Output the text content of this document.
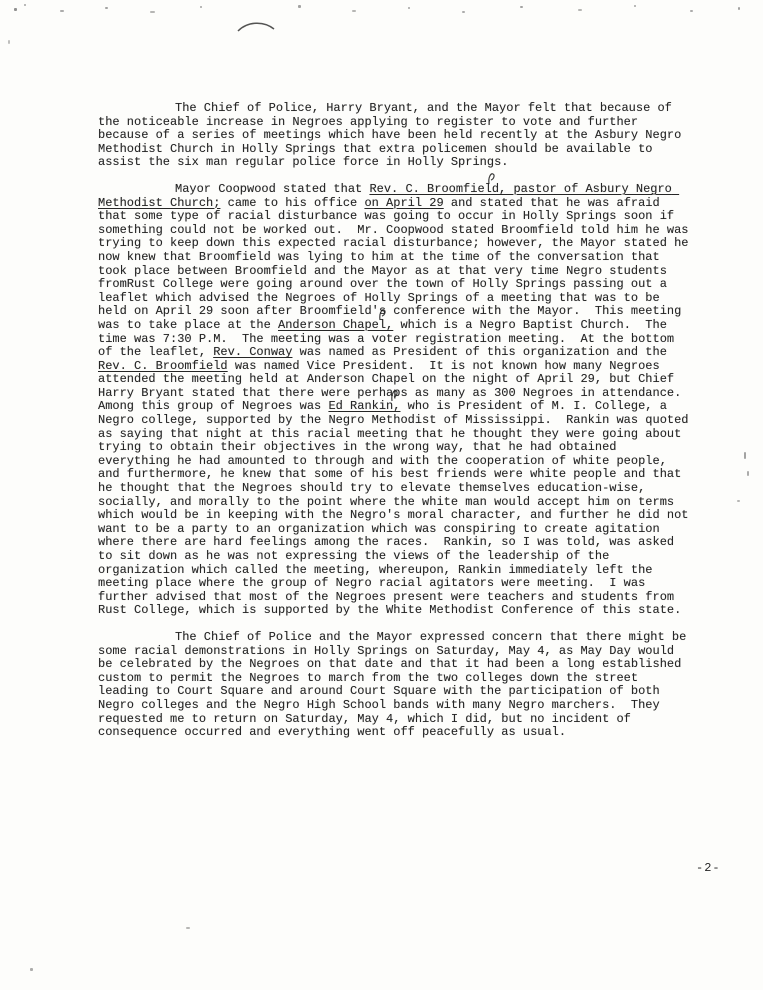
The Chief of Police, Harry Bryant, and the Mayor felt that because of the noticeable increase in Negroes applying to register to vote and further because of a series of meetings which have been held recently at the Asbury Negro Methodist Church in Holly Springs that extra policemen should be available to assist the six man regular police force in Holly Springs.

Mayor Coopwood stated that Rev. C. Broomfield, pastor of Asbury Negro Methodist Church;
came to his office on April 29 and stated that he was afraid that some type of racial disturbance was going to occur in Holly Springs soon if something could not be worked out.  Mr. Coopwood stated Broomfield told him he was trying to keep down this expected racial disturbance; however, the Mayor stated he now knew that Broomfield was lying to him at the time of the conversation that took place between Broomfield and the Mayor as at that very time Negro students fromRust College were going around over the town of Holly Springs passing out a leaflet which advised the Negroes of Holly Springs of a meeting that was to be held on April 29 soon after Broomfield's conference with the Mayor.  This meeting was to take place at the Anderson Chapel,
which is a Negro Baptist Church.  The time was 7:30 P.M.  The meeting was a voter registration meeting.  At the bottom of the leaflet, Rev. Conway was named as President of this organization and the Rev. C. Broomfield was named Vice President.  It is not known how many Negroes attended the meeting held at Anderson Chapel on the night of April 29, but Chief Harry Bryant stated that there were perhaps as many as 300 Negroes in attendance.  Among this group of Negroes was Ed Rankin,
who is President of M. I. College, a Negro college, supported by the Negro Methodist of Mississippi.  Rankin was quoted as saying that night at this racial meeting that he thought they were going about trying to obtain their objectives in the wrong way, that he had obtained everything he had amounted to through and with the cooperation of white people, and furthermore, he knew that some of his best friends were white people and that he thought that the Negroes should try to elevate themselves education-wise, socially, and morally to the point where the white man would accept him on terms which would be in keeping with the Negro's moral character, and further he did not want to be a party to an organization which was conspiring to create agitation where there are hard feelings among the races.  Rankin, so I was told, was asked to sit down as he was not expressing the views of the leadership of the organization which called the meeting, whereupon, Rankin immediately left the meeting place where the group of Negro racial agitators were meeting.  I was further advised that most of the Negroes present were teachers and students from Rust College, which is supported by the White Methodist Conference of this state.

The Chief of Police and the Mayor expressed concern that there might be some racial demonstrations in Holly Springs on Saturday, May 4, as May Day would be celebrated by the Negroes on that date and that it had been a long established custom to permit the Negroes to march from the two colleges down the street leading to Court Square and around Court Square with the participation of both Negro colleges and the Negro High School bands with many Negro marchers.  They requested me to return on Saturday, May 4, which I did, but no incident of consequence occurred and everything went off peacefully as usual.

-2-
